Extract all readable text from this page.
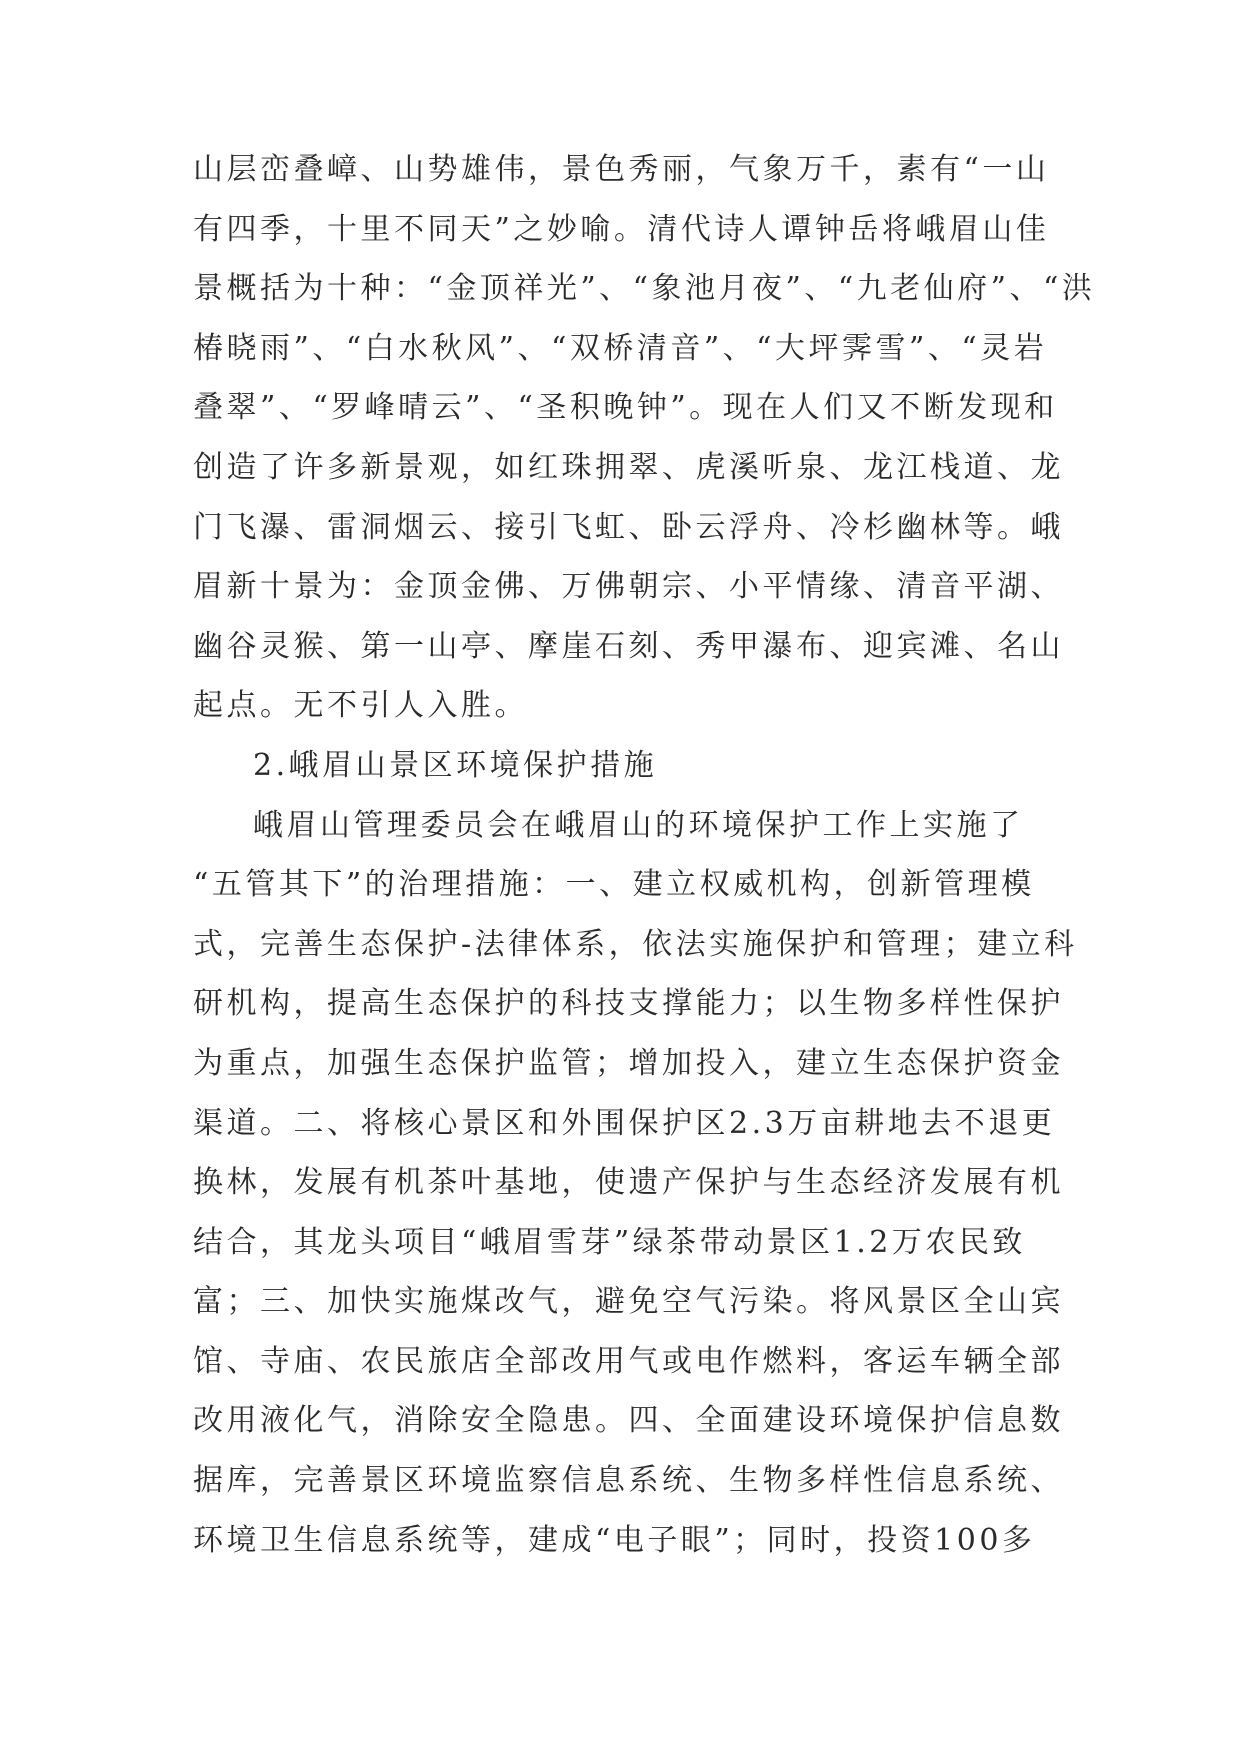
山层峦叠嶂、山势雄伟，景色秀丽，气象万千，素有“一山
有四季，十里不同天”之妙喻。清代诗人谭钟岳将峨眉山佳
景概括为十种：“金顶祥光”、“象池月夜”、“九老仙府”、“洪
椿晓雨”、“白水秋风”、“双桥清音”、“大坪霁雪”、“灵岩
叠翠”、“罗峰晴云”、“圣积晚钟”。现在人们又不断发现和
创造了许多新景观，如红珠拥翠、虎溪听泉、龙江栈道、龙
门飞瀑、雷洞烟云、接引飞虹、卧云浮舟、冷杉幽林等。峨
眉新十景为：金顶金佛、万佛朝宗、小平情缘、清音平湖、
幽谷灵猴、第一山亭、摩崖石刻、秀甲瀑布、迎宾滩、名山
起点。无不引人入胜。
2.峨眉山景区环境保护措施
峨眉山管理委员会在峨眉山的环境保护工作上实施了
“五管其下”的治理措施：一、建立权威机构，创新管理模
式，完善生态保护-法律体系，依法实施保护和管理；建立科
研机构，提高生态保护的科技支撑能力；以生物多样性保护
为重点，加强生态保护监管；增加投入，建立生态保护资金
渠道。二、将核心景区和外围保护区2.3万亩耕地去不退更
换林，发展有机茶叶基地，使遗产保护与生态经济发展有机
结合，其龙头项目“峨眉雪芽”绿茶带动景区1.2万农民致
富；三、加快实施煤改气，避免空气污染。将风景区全山宾
馆、寺庙、农民旅店全部改用气或电作燃料，客运车辆全部
改用液化气，消除安全隐患。四、全面建设环境保护信息数
据库，完善景区环境监察信息系统、生物多样性信息系统、
环境卫生信息系统等，建成“电子眼”；同时，投资100多
